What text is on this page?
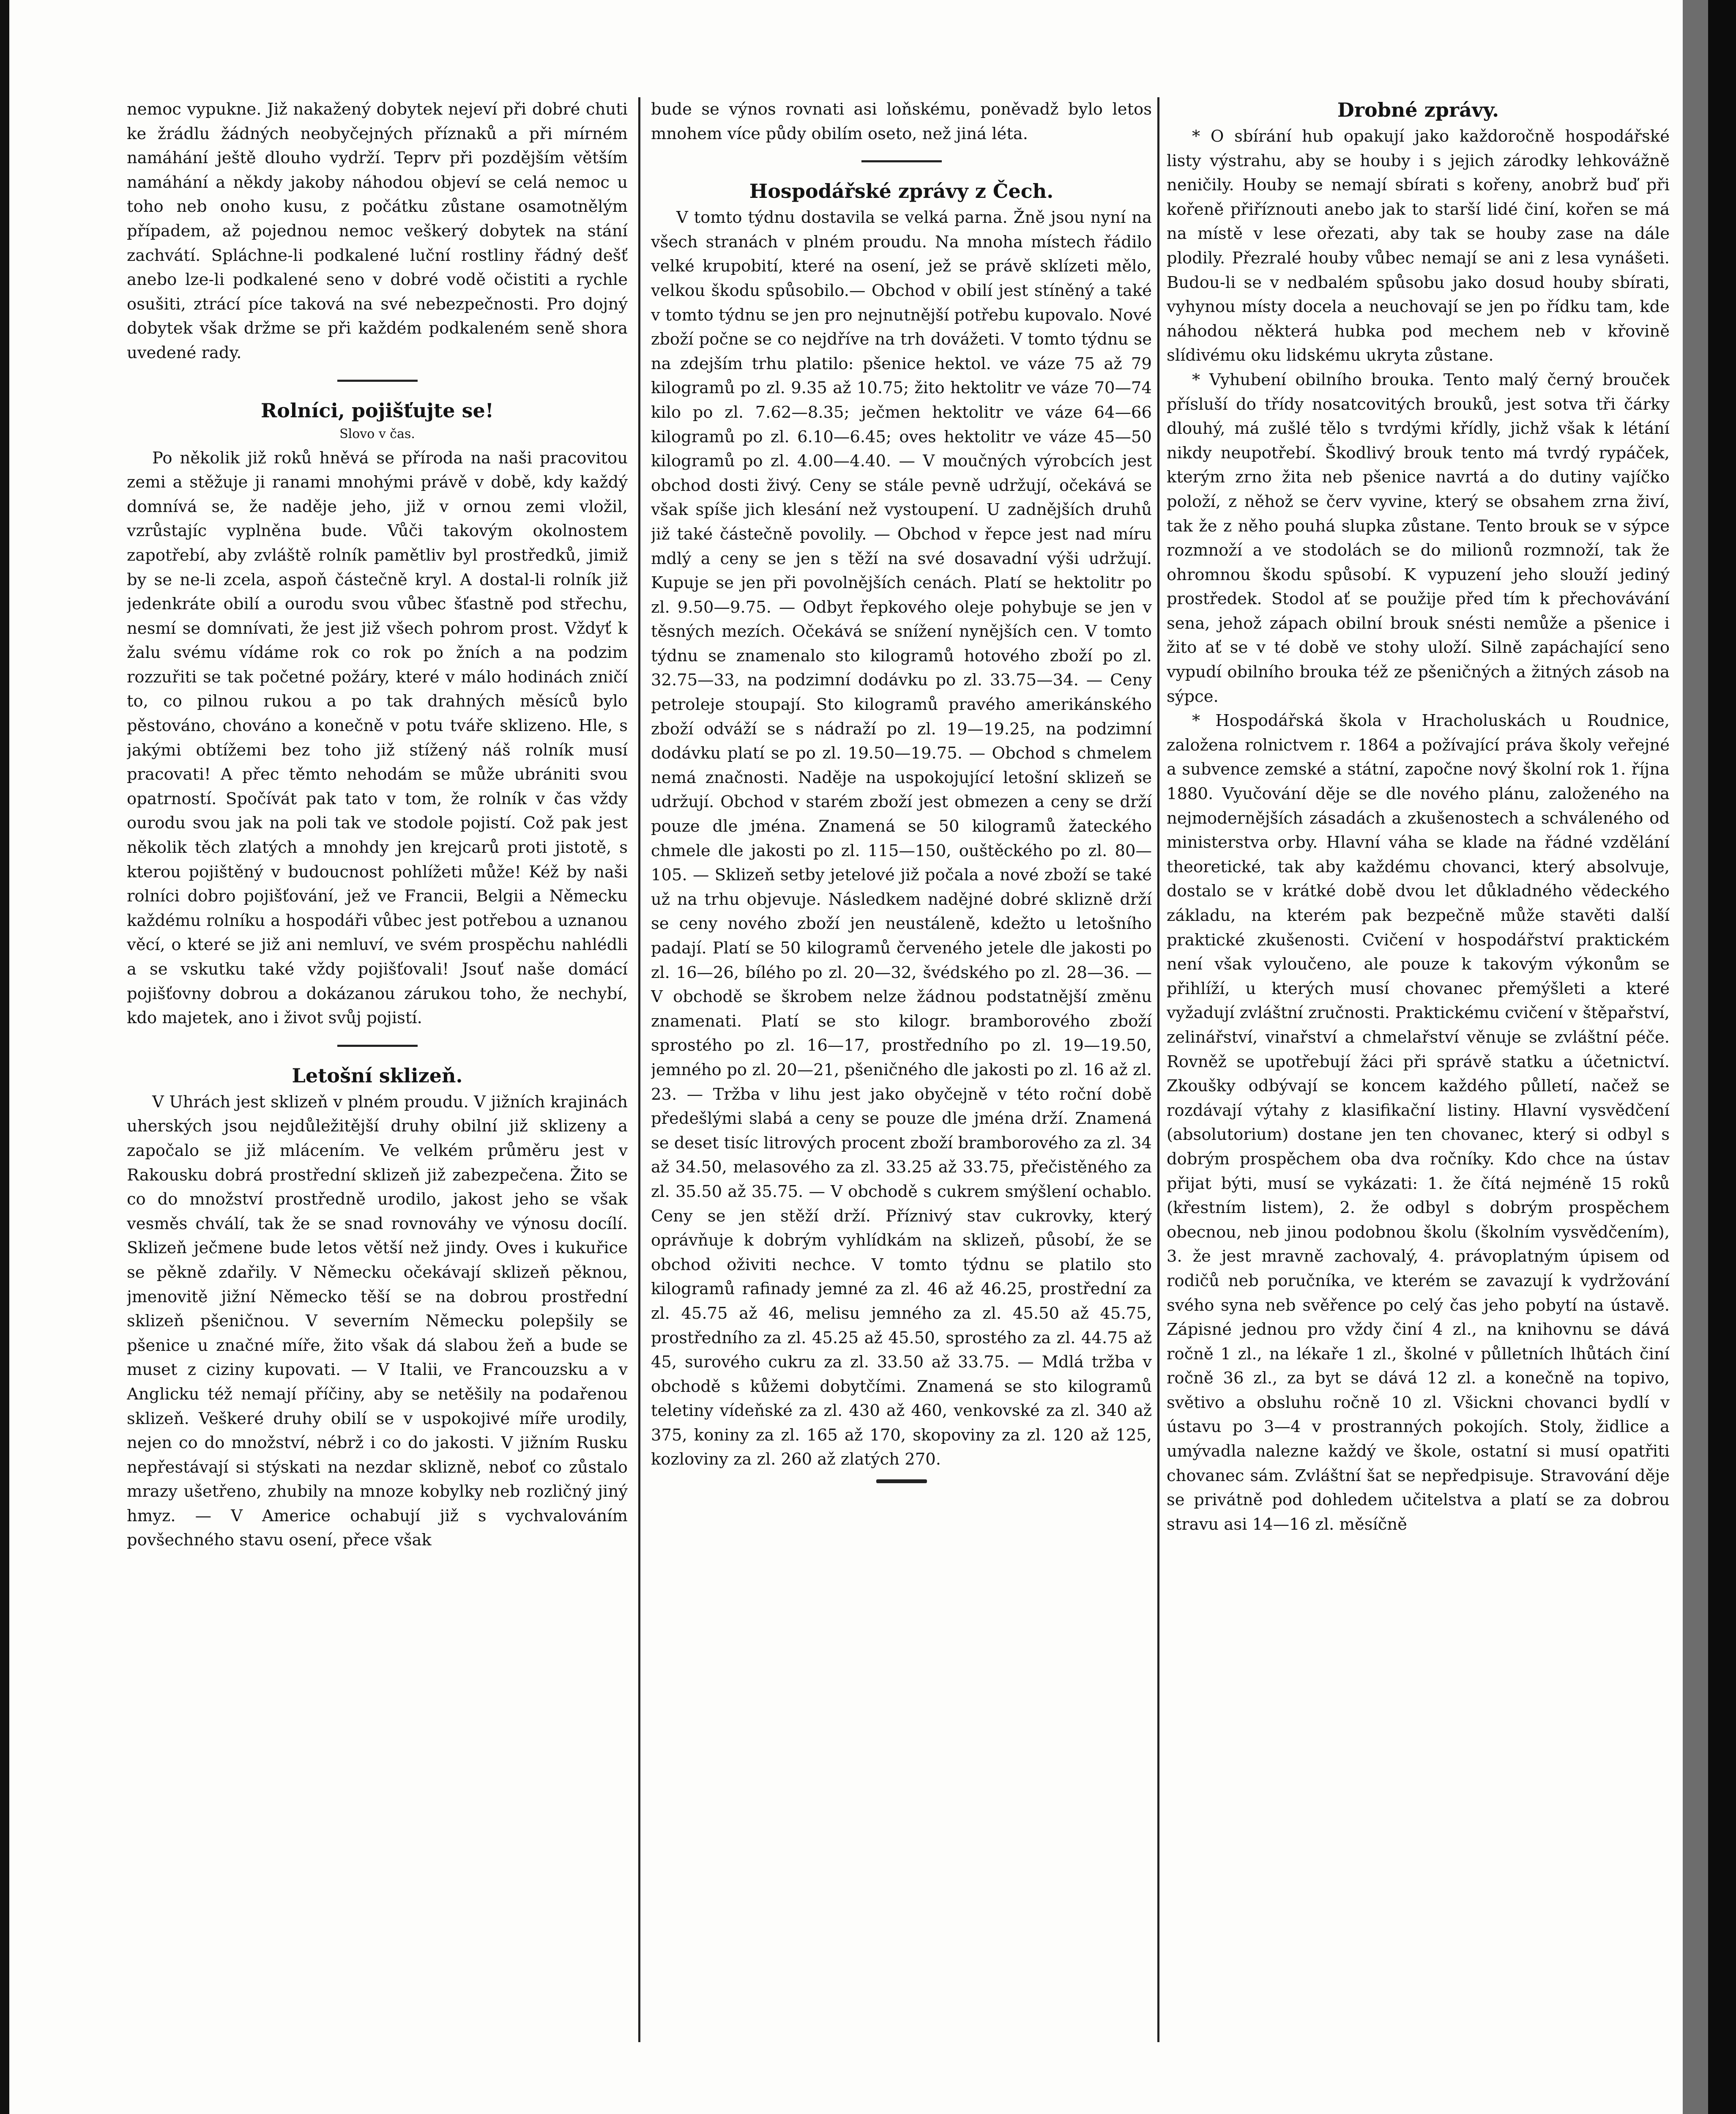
nemoc vypukne. Již nakažený dobytek nejeví při dobré chuti ke žrádlu žádných neobyčejných příznaků a při mírném namáhání ještě dlouho vydrží. Teprv při pozdějším větším namáhání a někdy jakoby náhodou objeví se celá nemoc u toho neb onoho kusu, z počátku zůstane osamotnělým případem, až pojednou nemoc veškerý dobytek na stání zachvátí. Spláchne-li podkalené luční rostliny řádný dešť anebo lze-li podkalené seno v dobré vodě očistiti a rychle osušiti, ztrácí píce taková na své nebezpečnosti. Pro dojný dobytek však držme se při každém podkaleném seně shora uvedené rady.

Rolníci, pojišťujte se!
Slovo v čas.

Po několik již roků hněvá se příroda na naši pracovitou zemi a stěžuje ji ranami mnohými právě v době, kdy každý domnívá se, že naděje jeho, již v ornou zemi vložil, vzrůstajíc vyplněna bude. Vůči takovým okolnostem zapotřebí, aby zvláště rolník pamětliv byl prostředků, jimiž by se ne-li zcela, aspoň částečně kryl. A dostal-li rolník již jedenkráte obilí a ourodu svou vůbec šťastně pod střechu, nesmí se domnívati, že jest již všech pohrom prost. Vždyť k žalu svému vídáme rok co rok po žních a na podzim rozzuřiti se tak početné požáry, které v málo hodinách zničí to, co pilnou rukou a po tak drahných měsíců bylo pěstováno, chováno a konečně v potu tváře sklizeno. Hle, s jakými obtížemi bez toho již stížený náš rolník musí pracovati! A přec těmto nehodám se může ubrániti svou opatrností. Spočívát pak tato v tom, že rolník v čas vždy ourodu svou jak na poli tak ve stodole pojistí. Což pak jest několik těch zlatých a mnohdy jen krejcarů proti jistotě, s kterou pojištěný v budoucnost pohlížeti může! Kéž by naši rolníci dobro pojišťování, jež ve Francii, Belgii a Německu každému rolníku a hospodáři vůbec jest potřebou a uznanou věcí, o které se již ani nemluví, ve svém prospěchu nahlédli a se vskutku také vždy pojišťovali! Jsouť naše domácí pojišťovny dobrou a dokázanou zárukou toho, že nechybí, kdo majetek, ano i život svůj pojistí.

Letošní sklizeň.

V Uhrách jest sklizeň v plném proudu. V jižních krajinách uherských jsou nejdůležitější druhy obilní již sklizeny a započalo se již mlácením. Ve velkém průměru jest v Rakousku dobrá prostřední sklizeň již zabezpečena. Žito se co do množství prostředně urodilo, jakost jeho se však vesměs chválí, tak že se snad rovnováhy ve výnosu docílí. Sklizeň ječmene bude letos větší než jindy. Oves i kukuřice se pěkně zdařily. V Německu očekávají sklizeň pěknou, jmenovitě jižní Německo těší se na dobrou prostřední sklizeň pšeničnou. V severním Německu polepšily se pšenice u značné míře, žito však dá slabou žeň a bude se muset z ciziny kupovati. — V Italii, ve Francouzsku a v Anglicku též nemají příčiny, aby se netěšily na podařenou sklizeň. Veškeré druhy obilí se v uspokojivé míře urodily, nejen co do množství, nébrž i co do jakosti. V jižním Rusku nepřestávají si stýskati na nezdar sklizně, neboť co zůstalo mrazy ušetřeno, zhubily na mnoze kobylky neb rozličný jiný hmyz. — V Americe ochabují již s vychvalováním povšechného stavu osení, přece však

bude se výnos rovnati asi loňskému, poněvadž bylo letos mnohem více půdy obilím oseto, než jiná léta.

Hospodářské zprávy z Čech.

V tomto týdnu dostavila se velká parna. Žně jsou nyní na všech stranách v plném proudu. Na mnoha místech řádilo velké krupobití, které na osení, jež se právě sklízeti mělo, velkou škodu spůsobilo.— Obchod v obilí jest stíněný a také v tomto týdnu se jen pro nejnutnější potřebu kupovalo. Nové zboží počne se co nejdříve na trh dovážeti. V tomto týdnu se na zdejším trhu platilo: pšenice hektol. ve váze 75 až 79 kilogramů po zl. 9.35 až 10.75; žito hektolitr ve váze 70—74 kilo po zl. 7.62—8.35; ječmen hektolitr ve váze 64—66 kilogramů po zl. 6.10—6.45; oves hektolitr ve váze 45—50 kilogramů po zl. 4.00—4.40. — V moučných výrobcích jest obchod dosti živý. Ceny se stále pevně udržují, očekává se však spíše jich klesání než vystoupení. U zadnějších druhů již také částečně povolily. — Obchod v řepce jest nad míru mdlý a ceny se jen s těží na své dosavadní výši udržují. Kupuje se jen při povolnějších cenách. Platí se hektolitr po zl. 9.50—9.75. — Odbyt řepkového oleje pohybuje se jen v těsných mezích. Očekává se snížení nynějších cen. V tomto týdnu se znamenalo sto kilogramů hotového zboží po zl. 32.75—33, na podzimní dodávku po zl. 33.75—34. — Ceny petroleje stoupají. Sto kilogramů pravého amerikánského zboží odváží se s nádraží po zl. 19—19.25, na podzimní dodávku platí se po zl. 19.50—19.75. — Obchod s chmelem nemá značnosti. Naděje na uspokojující letošní sklizeň se udržují. Obchod v starém zboží jest obmezen a ceny se drží pouze dle jména. Znamená se 50 kilogramů žateckého chmele dle jakosti po zl. 115—150, ouštěckého po zl. 80—105. — Sklizeň setby jetelové již počala a nové zboží se také už na trhu objevuje. Následkem nadějné dobré sklizně drží se ceny nového zboží jen neustáleně, kdežto u letošního padají. Platí se 50 kilogramů červeného jetele dle jakosti po zl. 16—26, bílého po zl. 20—32, švédského po zl. 28—36. — V obchodě se škrobem nelze žádnou podstatnější změnu znamenati. Platí se sto kilogr. bramborového zboží sprostého po zl. 16—17, prostředního po zl. 19—19.50, jemného po zl. 20—21, pšeničného dle jakosti po zl. 16 až zl. 23. — Tržba v lihu jest jako obyčejně v této roční době předešlými slabá a ceny se pouze dle jména drží. Znamená se deset tisíc litrových procent zboží bramborového za zl. 34 až 34.50, melasového za zl. 33.25 až 33.75, přečistěného za zl. 35.50 až 35.75. — V obchodě s cukrem smýšlení ochablo. Ceny se jen stěží drží. Příznivý stav cukrovky, který oprávňuje k dobrým vyhlídkám na sklizeň, působí, že se obchod oživiti nechce. V tomto týdnu se platilo sto kilogramů rafinady jemné za zl. 46 až 46.25, prostřední za zl. 45.75 až 46, melisu jemného za zl. 45.50 až 45.75, prostředního za zl. 45.25 až 45.50, sprostého za zl. 44.75 až 45, surového cukru za zl. 33.50 až 33.75. — Mdlá tržba v obchodě s kůžemi dobytčími. Znamená se sto kilogramů teletiny vídeňské za zl. 430 až 460, venkovské za zl. 340 až 375, koniny za zl. 165 až 170, skopoviny za zl. 120 až 125, kozloviny za zl. 260 až zlatých 270.

Drobné zprávy.

* O sbírání hub opakují jako každoročně hospodářské listy výstrahu, aby se houby i s jejich zárodky lehkovážně neničily. Houby se nemají sbírati s kořeny, anobrž buď při kořeně přiříznouti anebo jak to starší lidé činí, kořen se má na místě v lese ořezati, aby tak se houby zase na dále plodily. Přezralé houby vůbec nemají se ani z lesa vynášeti. Budou-li se v nedbalém spůsobu jako dosud houby sbírati, vyhynou místy docela a neuchovají se jen po řídku tam, kde náhodou některá hubka pod mechem neb v křovině slídivému oku lidskému ukryta zůstane.

* Vyhubení obilního brouka. Tento malý černý brouček přísluší do třídy nosatcovitých brouků, jest sotva tři čárky dlouhý, má zušlé tělo s tvrdými křídly, jichž však k létání nikdy neupotřebí. Škodlivý brouk tento má tvrdý rypáček, kterým zrno žita neb pšenice navrtá a do dutiny vajíčko položí, z něhož se červ vyvine, který se obsahem zrna živí, tak že z něho pouhá slupka zůstane. Tento brouk se v sýpce rozmnoží a ve stodolách se do milionů rozmnoží, tak že ohromnou škodu spůsobí. K vypuzení jeho slouží jediný prostředek. Stodol ať se použije před tím k přechovávání sena, jehož zápach obilní brouk snésti nemůže a pšenice i žito ať se v té době ve stohy uloží. Silně zapáchající seno vypudí obilního brouka též ze pšeničných a žitných zásob na sýpce.

* Hospodářská škola v Hracholuskách u Roudnice, založena rolnictvem r. 1864 a požívající práva školy veřejné a subvence zemské a státní, započne nový školní rok 1. října 1880. Vyučování děje se dle nového plánu, založeného na nejmodernějších zásadách a zkušenostech a schváleného od ministerstva orby. Hlavní váha se klade na řádné vzdělání theoretické, tak aby každému chovanci, který absolvuje, dostalo se v krátké době dvou let důkladného vědeckého základu, na kterém pak bezpečně může stavěti další praktické zkušenosti. Cvičení v hospodářství praktickém není však vyloučeno, ale pouze k takovým výkonům se přihlíží, u kterých musí chovanec přemýšleti a které vyžadují zvláštní zručnosti. Praktickému cvičení v štěpařství, zelinářství, vinařství a chmelařství věnuje se zvláštní péče. Rovněž se upotřebují žáci při správě statku a účetnictví. Zkoušky odbývají se koncem každého půlletí, načež se rozdávají výtahy z klasifikační listiny. Hlavní vysvědčení (absolutorium) dostane jen ten chovanec, který si odbyl s dobrým prospěchem oba dva ročníky. Kdo chce na ústav přijat býti, musí se vykázati: 1. že čítá nejméně 15 roků (křestním listem), 2. že odbyl s dobrým prospěchem obecnou, neb jinou podobnou školu (školním vysvědčením), 3. že jest mravně zachovalý, 4. právoplatným úpisem od rodičů neb poručníka, ve kterém se zavazují k vydržování svého syna neb svěřence po celý čas jeho pobytí na ústavě. Zápisné jednou pro vždy činí 4 zl., na knihovnu se dává ročně 1 zl., na lékaře 1 zl., školné v půlletních lhůtách činí ročně 36 zl., za byt se dává 12 zl. a konečně na topivo, světivo a obsluhu ročně 10 zl. Všickni chovanci bydlí v ústavu po 3—4 v prostranných pokojích. Stoly, židlice a umývadla nalezne každý ve škole, ostatní si musí opatřiti chovanec sám. Zvláštní šat se nepředpisuje. Stravování děje se privátně pod dohledem učitelstva a platí se za dobrou stravu asi 14—16 zl. měsíčně
